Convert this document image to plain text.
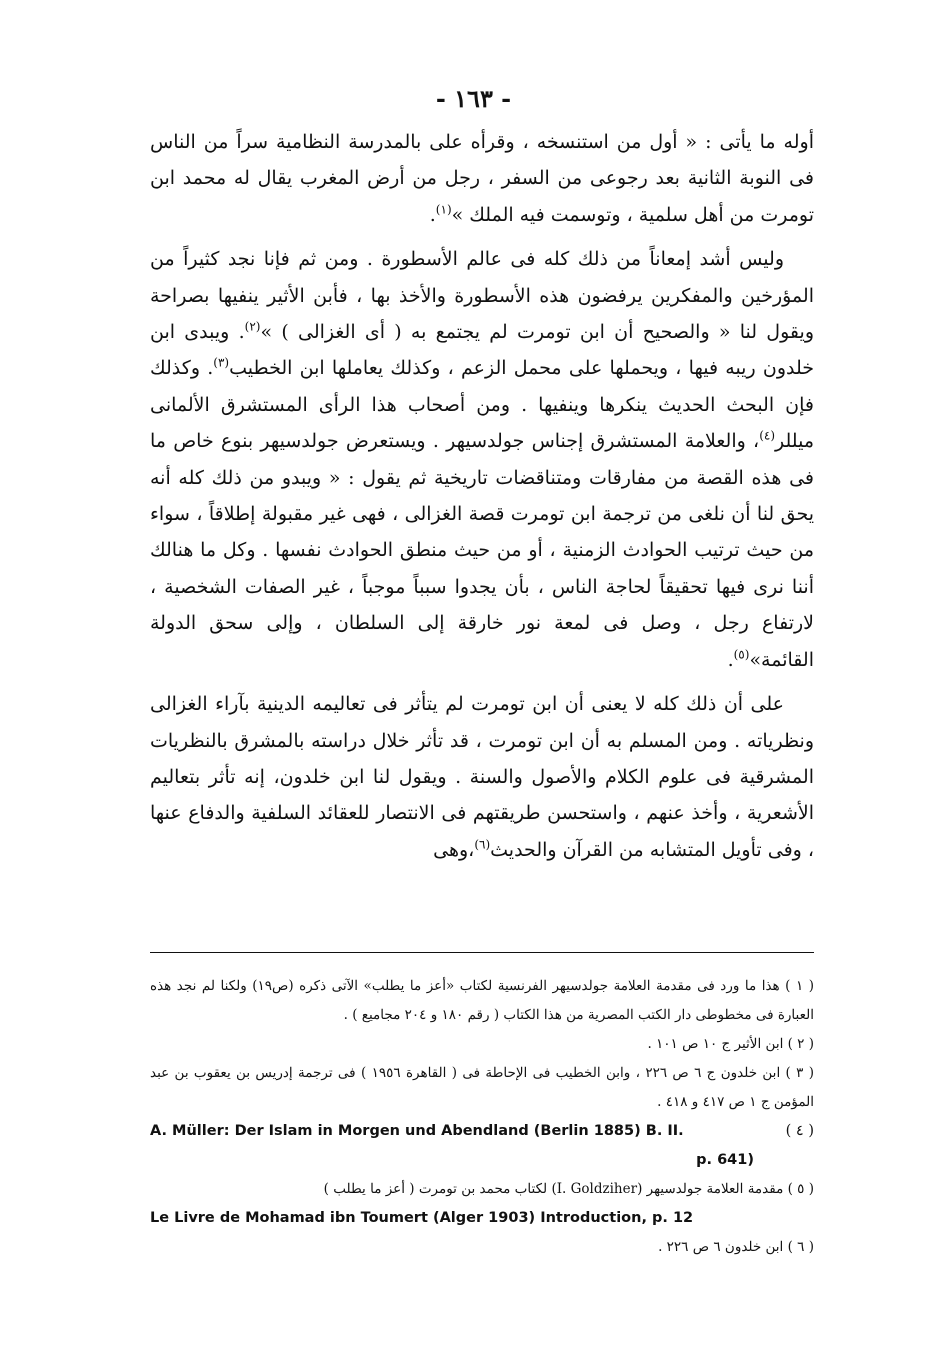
- ١٦٣ -

أوله ما يأتى : « أول من استنسخه ، وقرأه على بالمدرسة النظامية سراً من الناس فى النوبة الثانية بعد رجوعى من السفر ، رجل من أرض المغرب يقال له محمد ابن تومرت من أهل سلمية ، وتوسمت فيه الملك »$^{(١)}$.

وليس أشد إمعاناً من ذلك كله فى عالم الأسطورة . ومن ثم فإنا نجد كثيراً من المؤرخين والمفكرين يرفضون هذه الأسطورة والأخذ بها ، فأبن الأثير ينفيها بصراحة ويقول لنا « والصحيح أن ابن تومرت لم يجتمع به ( أى الغزالى ) »$^{(٢)}$. ويبدى ابن خلدون ريبه فيها ، ويحملها على محمل الزعم ، وكذلك يعاملها ابن الخطيب$^{(٣)}$. وكذلك فإن البحث الحديث ينكرها وينفيها . ومن أصحاب هذا الرأى المستشرق الألمانى ميللر$^{(٤)}$، والعلامة المستشرق إجناس جولدسيهر . ويستعرض جولدسيهر بنوع خاص ما فى هذه القصة من مفارقات ومتناقضات تاريخية ثم يقول : « ويبدو من ذلك كله أنه يحق لنا أن نلغى من ترجمة ابن تومرت قصة الغزالى ، فهى غير مقبولة إطلاقاً ، سواء من حيث ترتيب الحوادث الزمنية ، أو من حيث منطق الحوادث نفسها . وكل ما هنالك أننا نرى فيها تحقيقاً لحاجة الناس ، بأن يجدوا سبباً موجباً ، غير الصفات الشخصية ، لارتفاع رجل ، وصل فى لمعة نور خارقة إلى السلطان ، وإلى سحق الدولة القائمة»$^{(٥)}$.

على أن ذلك كله لا يعنى أن ابن تومرت لم يتأثر فى تعاليمه الدينية بآراء الغزالى ونظرياته . ومن المسلم به أن ابن تومرت ، قد تأثر خلال دراسته بالمشرق بالنظريات المشرقية فى علوم الكلام والأصول والسنة . ويقول لنا ابن خلدون، إنه تأثر بتعاليم الأشعرية ، وأخذ عنهم ، واستحسن طريقتهم فى الانتصار للعقائد السلفية والدفاع عنها ، وفى تأويل المتشابه من القرآن والحديث$^{(٦)}$،وهى

( ١ ) هذا ما ورد فى مقدمة العلامة جولدسيهر الفرنسية لكتاب «أعز ما يطلب» الآتى ذكره (ص١٩) ولكنا لم نجد هذه العبارة فى مخطوطى دار الكتب المصرية من هذا الكتاب ( رقم ١٨٠ و ٢٠٤ مجاميع ) .

( ٢ ) ابن الأثير ج ١٠ ص ١٠١ .

( ٣ ) ابن خلدون ج ٦ ص ٢٢٦ ، وابن الخطيب فى الإحاطة فى ( القاهرة ١٩٥٦ ) فى ترجمة إدريس بن يعقوب بن عبد المؤمن ج ١ ص ٤١٧ و ٤١٨ .

( ٤ )
A. Müller: Der Islam in Morgen und Abendland (Berlin 1885) B. II.
p. 641)

( ٥ ) مقدمة العلامة جولدسيهر (I. Goldziher) لكتاب محمد بن تومرت ( أعز ما يطلب )

Le Livre de Mohamad ibn Toumert (Alger 1903) Introduction, p. 12

( ٦ ) ابن خلدون ٦ ص ٢٢٦ .
